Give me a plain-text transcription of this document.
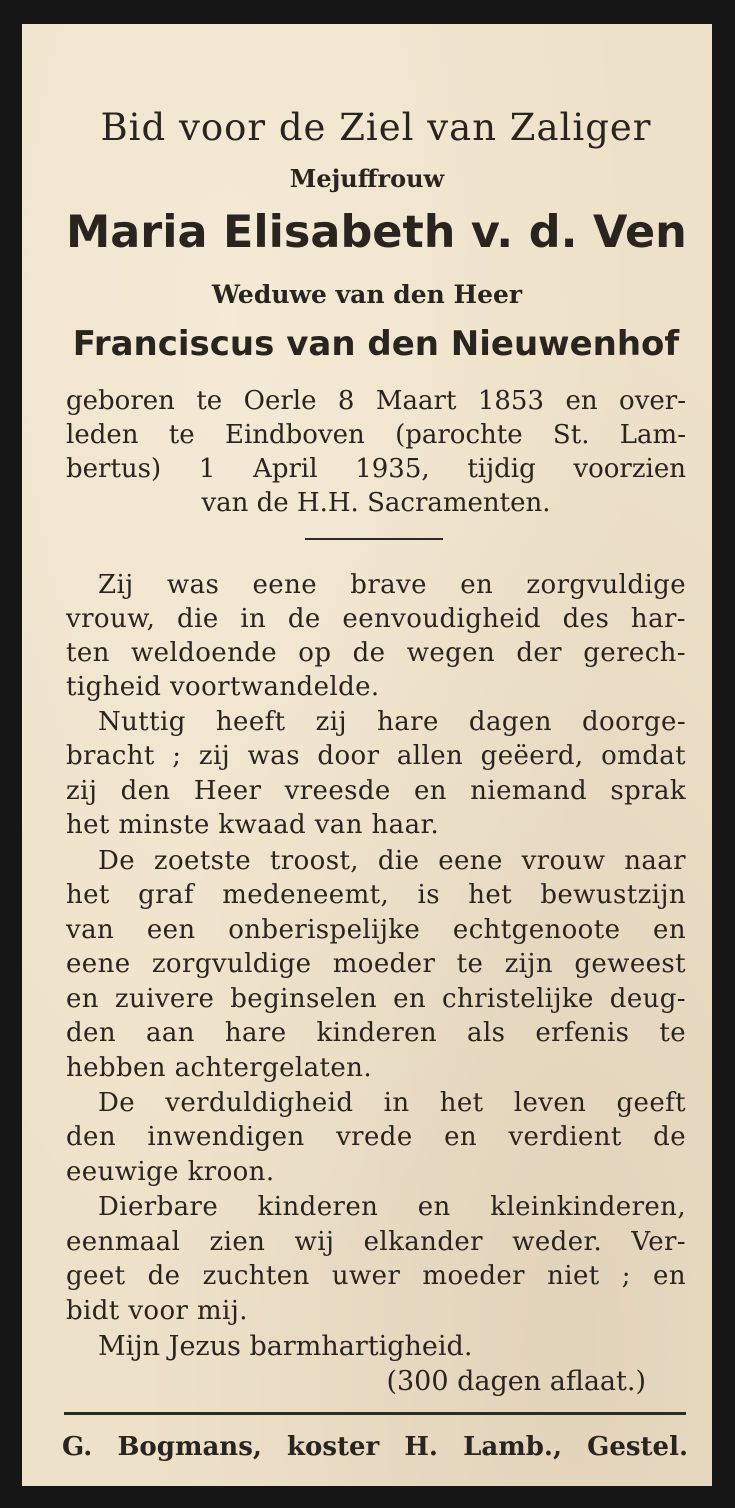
Bid voor de Ziel van Zaliger

Mejuffrouw

Maria Elisabeth v. d. Ven

Weduwe van den Heer

Franciscus van den Nieuwenhof

geboren te Oerle 8 Maart 1853 en over-

leden te Eindboven (parochte St. Lam-

bertus) 1 April 1935, tijdig voorzien

van de H.H. Sacramenten.

Zij was eene brave en zorgvuldige

vrouw, die in de eenvoudigheid des har-

ten weldoende op de wegen der gerech-

tigheid voortwandelde.

Nuttig heeft zij hare dagen doorge-

bracht ; zij was door allen geëerd, omdat

zij den Heer vreesde en niemand sprak

het minste kwaad van haar.

De zoetste troost, die eene vrouw naar

het graf medeneemt, is het bewustzijn

van een onberispelijke echtgenoote en

eene zorgvuldige moeder te zijn geweest

en zuivere beginselen en christelijke deug-

den aan hare kinderen als erfenis te

hebben achtergelaten.

De verduldigheid in het leven geeft

den inwendigen vrede en verdient de

eeuwige kroon.

Dierbare kinderen en kleinkinderen,

eenmaal zien wij elkander weder. Ver-

geet de zuchten uwer moeder niet ; en

bidt voor mij.

Mijn Jezus barmhartigheid.

(300 dagen aflaat.)

G. Bogmans, koster H. Lamb., Gestel.
